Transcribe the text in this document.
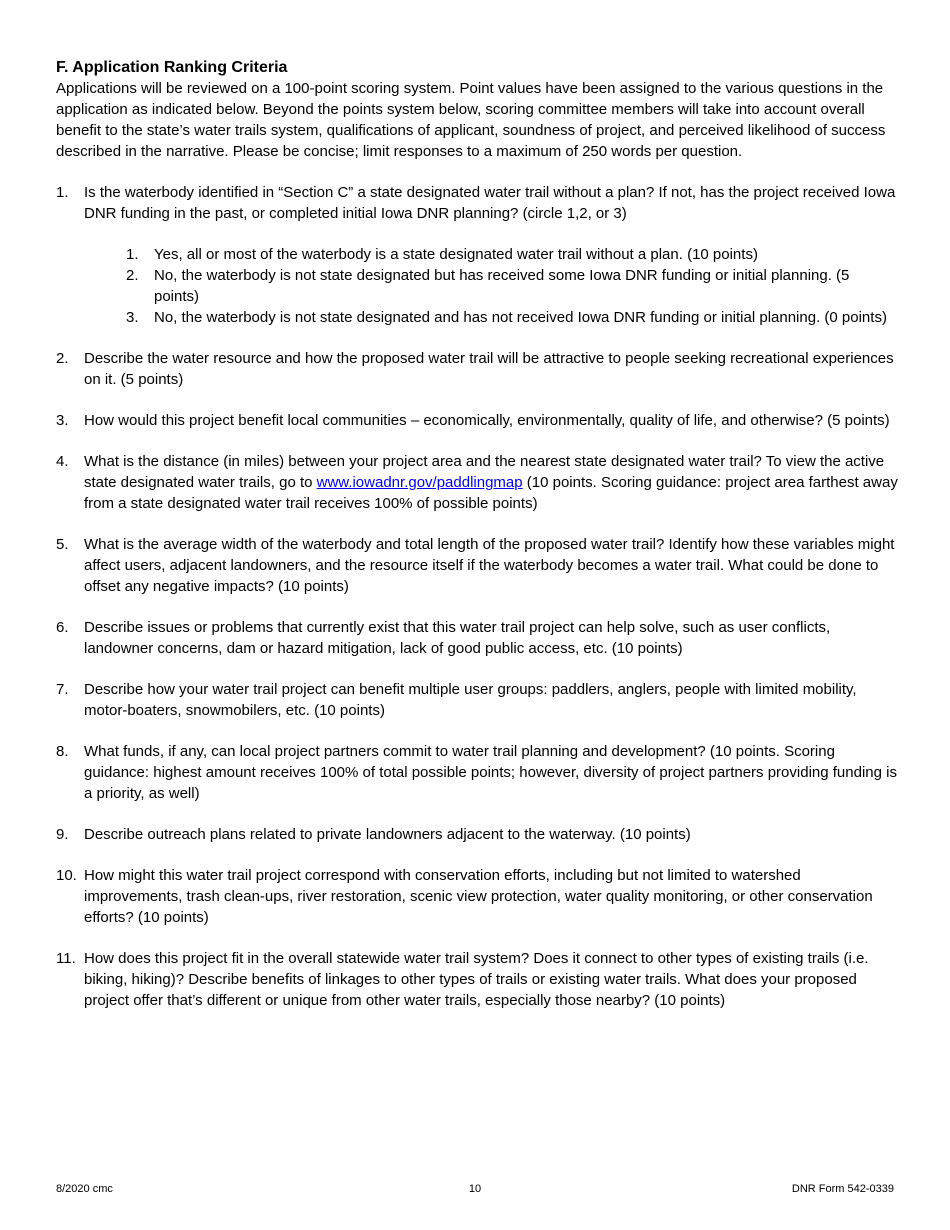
F. Application Ranking Criteria

Applications will be reviewed on a 100-point scoring system. Point values have been assigned to the various questions in the application as indicated below. Beyond the points system below, scoring committee members will take into account overall benefit to the state’s water trails system, qualifications of applicant, soundness of project, and perceived likelihood of success described in the narrative. Please be concise; limit responses to a maximum of 250 words per question.

1. Is the waterbody identified in “Section C” a state designated water trail without a plan? If not, has the project received Iowa DNR funding in the past, or completed initial Iowa DNR planning? (circle 1,2, or 3)
1. Yes, all or most of the waterbody is a state designated water trail without a plan. (10 points)
2. No, the waterbody is not state designated but has received some Iowa DNR funding or initial planning. (5 points)
3. No, the waterbody is not state designated and has not received Iowa DNR funding or initial planning. (0 points)
2. Describe the water resource and how the proposed water trail will be attractive to people seeking recreational experiences on it. (5 points)
3. How would this project benefit local communities – economically, environmentally, quality of life, and otherwise? (5 points)
4. What is the distance (in miles) between your project area and the nearest state designated water trail? To view the active state designated water trails, go to www.iowadnr.gov/paddlingmap (10 points. Scoring guidance: project area farthest away from a state designated water trail receives 100% of possible points)
5. What is the average width of the waterbody and total length of the proposed water trail? Identify how these variables might affect users, adjacent landowners, and the resource itself if the waterbody becomes a water trail. What could be done to offset any negative impacts? (10 points)
6. Describe issues or problems that currently exist that this water trail project can help solve, such as user conflicts, landowner concerns, dam or hazard mitigation, lack of good public access, etc. (10 points)
7. Describe how your water trail project can benefit multiple user groups: paddlers, anglers, people with limited mobility, motor-boaters, snowmobilers, etc. (10 points)
8. What funds, if any, can local project partners commit to water trail planning and development? (10 points. Scoring guidance: highest amount receives 100% of total possible points; however, diversity of project partners providing funding is a priority, as well)
9. Describe outreach plans related to private landowners adjacent to the waterway. (10 points)
10. How might this water trail project correspond with conservation efforts, including but not limited to watershed improvements, trash clean-ups, river restoration, scenic view protection, water quality monitoring, or other conservation efforts? (10 points)
11. How does this project fit in the overall statewide water trail system? Does it connect to other types of existing trails (i.e. biking, hiking)? Describe benefits of linkages to other types of trails or existing water trails. What does your proposed project offer that’s different or unique from other water trails, especially those nearby? (10 points)
8/2020 cmc	10	DNR Form 542-0339
